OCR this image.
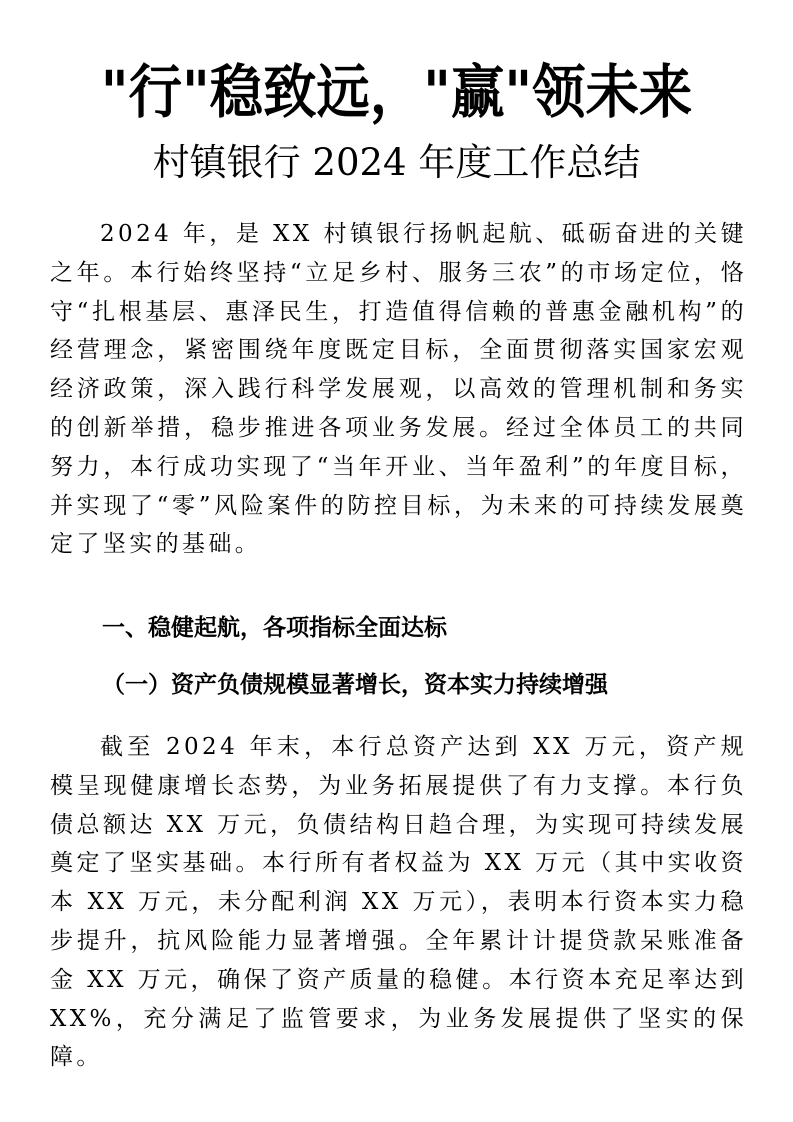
"行"稳致远，"赢"领未来
村镇银行 2024 年度工作总结

2024 年，是 XX 村镇银行扬帆起航、砥砺奋进的关键之年。本行始终坚持“立足乡村、服务三农”的市场定位，恪守“扎根基层、惠泽民生，打造值得信赖的普惠金融机构”的经营理念，紧密围绕年度既定目标，全面贯彻落实国家宏观经济政策，深入践行科学发展观，以高效的管理机制和务实的创新举措，稳步推进各项业务发展。经过全体员工的共同努力，本行成功实现了“当年开业、当年盈利”的年度目标，并实现了“零”风险案件的防控目标，为未来的可持续发展奠定了坚实的基础。

一、稳健起航，各项指标全面达标
（一）资产负债规模显著增长，资本实力持续增强

截至 2024 年末，本行总资产达到 XX 万元，资产规模呈现健康增长态势，为业务拓展提供了有力支撑。本行负债总额达 XX 万元，负债结构日趋合理，为实现可持续发展奠定了坚实基础。本行所有者权益为 XX 万元（其中实收资本 XX 万元，未分配利润 XX 万元），表明本行资本实力稳步提升，抗风险能力显著增强。全年累计计提贷款呆账准备金 XX 万元，确保了资产质量的稳健。本行资本充足率达到 XX%，充分满足了监管要求，为业务发展提供了坚实的保障。
